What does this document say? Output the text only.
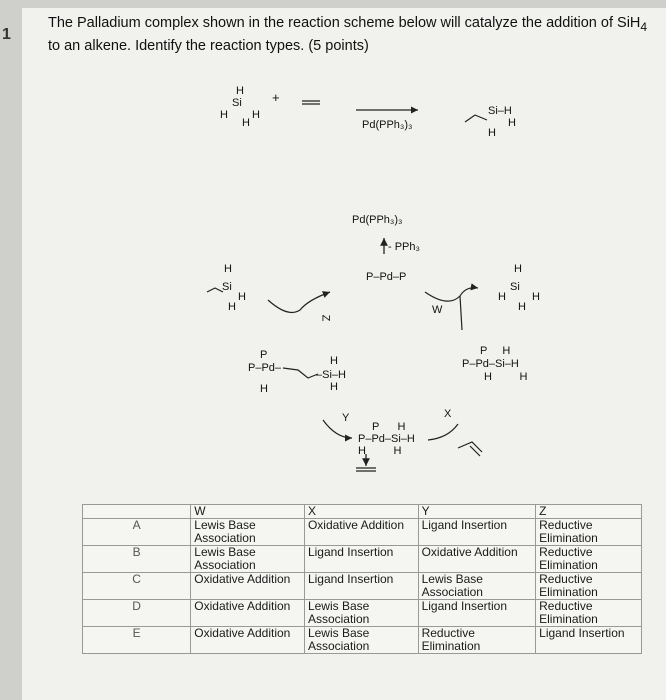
1
The Palladium complex shown in the reaction scheme below will catalyze the addition of SiH$_4$ to an alkene. Identify the reaction types. (5 points)
H
Si
H H
H
+
Pd(PPh₃)₃
Si–H
H
H
Pd(PPh₃)₃
- PPh₃
P–Pd–P
H
Si
H
H
H
Si
H H
H
W
Z
Y	X
P
P–Pd–
H
H
–Si–H
H
P     H
P–Pd–Si–H
H         H
P      H
P–Pd–Si–H
H         H
	W	X	Y	Z
A	Lewis Base Association	Oxidative Addition	Ligand Insertion	Reductive Elimination
B	Lewis Base Association	Ligand Insertion	Oxidative Addition	Reductive Elimination
C	Oxidative Addition	Ligand Insertion	Lewis Base Association	Reductive Elimination
D	Oxidative Addition	Lewis Base Association	Ligand Insertion	Reductive Elimination
E	Oxidative Addition	Lewis Base Association	Reductive Elimination	Ligand Insertion
